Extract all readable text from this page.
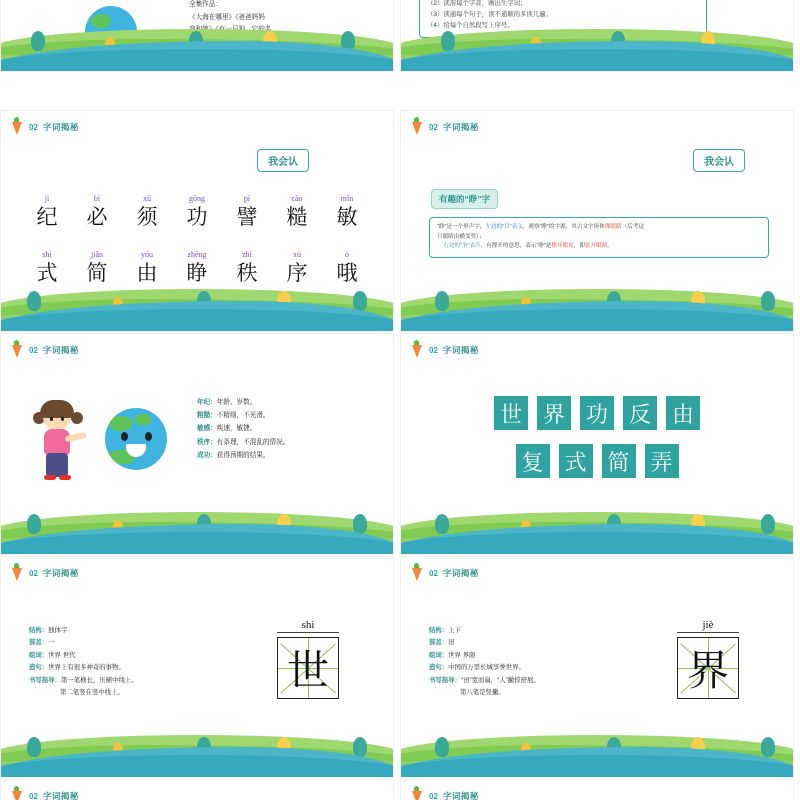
全集作品：
《大海在哪里》《爸爸妈妈
（2）读准每个字音，画出生字词；
（3）读通每个句子，读不通顺的多读几遍；
（4）给每个自然段写上序号。
02 字词揭秘
我会认
jì
纪
bì
必
xū
须
gōng
功
pì
譬
cāo
糙
mǐn
敏
shì
式
jiǎn
简
yóu
由
zhēng
睁
zhì
秩
xù
序
ò
哦
02 字词揭秘
有趣的“睁”字
我会认
“睁”是一个形声字，左边的“目”表义，观察“睁”的字源，其古文字形体像眼睛（后考这
只眼睛由横变竖）；
右边的“争”表声，有撑开的意思，表示“睁”是撑开眼皮，即张开眼睛。
02 字词揭秘
年纪：年龄、岁数。
粗糙：不精细，不光滑。
敏感：疾速，敏捷。
秩序：有条理，不混乱的情况。
成功：获得预期的结果。
02 字词揭秘
世 界 功 反 由
复 式 简 弄
02 字词揭秘
shì
世
结构：独体字
部首：一
组词：世界 世代
造句：世界上有很多神奇的事物。
书写指导：第一笔横长，压横中线上。
第二笔竖在竖中线上。
02 字词揭秘
jiè
界
结构：上下
部首：田
组词：世界 界限
造句：中国的万里长城享誉世界。
书写指导：“田”宽而扁，“人”撇捺舒展。
第八笔是竖撇。
02 字词揭秘	02 字词揭秘
